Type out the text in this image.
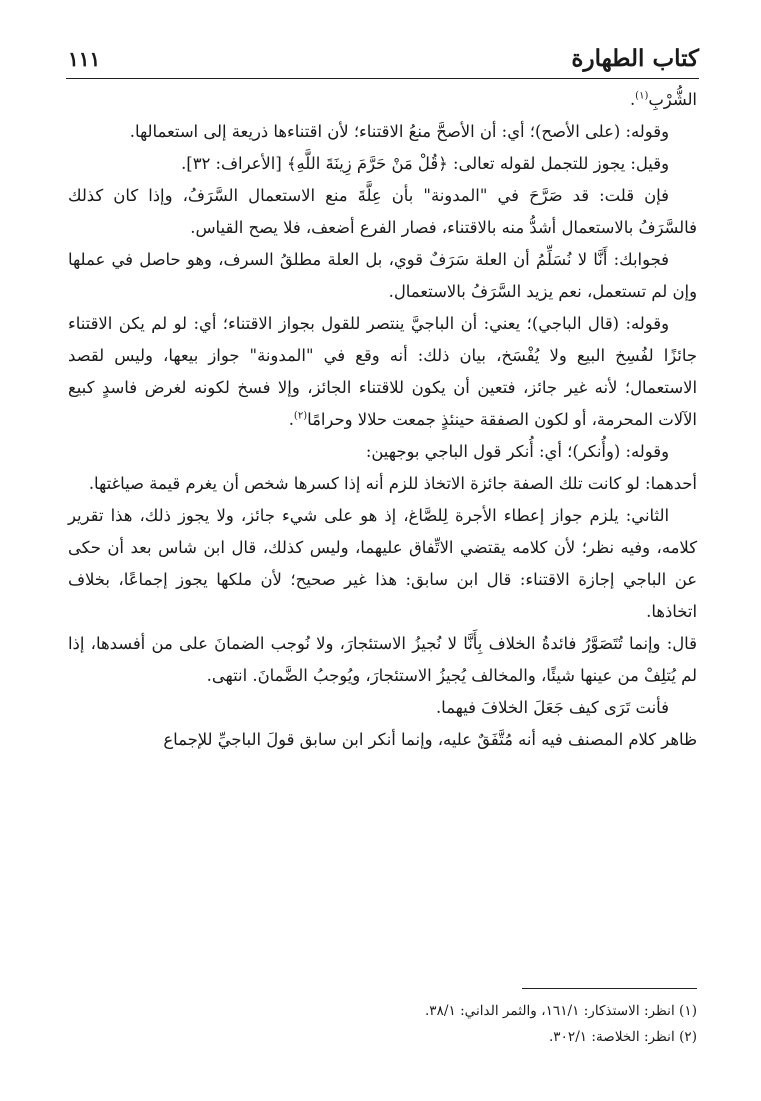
كتاب الطهارة
١١١

الشُّرْبِ$^{(١)}$.

وقوله: (على الأصح)؛ أي: أن الأصحَّ منعُ الاقتناء؛ لأن اقتناءها ذريعة إلى استعمالها.

وقيل: يجوز للتجمل لقوله تعالى: ﴿قُلْ مَنْ حَرَّمَ زِينَةَ اللَّهِ﴾ [الأعراف: ٣٢].

فإن قلت: قد صَرَّحَ في "المدونة" بأن عِلَّةَ منع الاستعمال السَّرَفُ، وإذا كان كذلك فالسَّرَفُ بالاستعمال أشدُّ منه بالاقتناء، فصار الفرع أضعف، فلا يصح القياس.

فجوابك: أَنَّا لا نُسَلِّمُ أن العلة سَرَفٌ قوي، بل العلة مطلقُ السرف، وهو حاصل في عملها وإن لم تستعمل، نعم يزيد السَّرَفُ بالاستعمال.

وقوله: (قال الباجي)؛ يعني: أن الباجيَّ ينتصر للقول بجواز الاقتناء؛ أي: لو لم يكن الاقتناء جائزًا لفُسِخ البيع ولا يُفْسَخ، بيان ذلك: أنه وقع في "المدونة" جواز بيعها، وليس لقصد الاستعمال؛ لأنه غير جائز، فتعين أن يكون للاقتناء الجائز، وإلا فسخ لكونه لغرض فاسدٍ كبيع الآلات المحرمة، أو لكون الصفقة حينئذٍ جمعت حلالا وحرامًا$^{(٢)}$.

وقوله: (وأُنكر)؛ أي: أُنكر قول الباجي بوجهين:

أحدهما: لو كانت تلك الصفة جائزة الاتخاذ للزم أنه إذا كسرها شخص أن يغرم قيمة صياغتها.

الثاني: يلزم جواز إعطاء الأجرة لِلصَّاغ، إذ هو على شيء جائز، ولا يجوز ذلك، هذا تقرير كلامه، وفيه نظر؛ لأن كلامه يقتضي الاتِّفاق عليهما، وليس كذلك، قال ابن شاس بعد أن حكى عن الباجي إجازة الاقتناء: قال ابن سابق: هذا غير صحيح؛ لأن ملكها يجوز إجماعًا، بخلاف اتخاذها.

قال: وإنما تُتَصَوَّرُ فائدةُ الخلاف بِأَنَّا لا نُجيزُ الاستئجارَ، ولا نُوجب الضمانَ على من أفسدها، إذا لم يُتلِفْ من عينها شيئًا، والمخالف يُجيزُ الاستئجارَ، ويُوجبُ الضَّمانَ. انتهى.

فأنت تَرَى كيف جَعَلَ الخلافَ فيهما.

ظاهر كلام المصنف فيه أنه مُتَّفَقٌ عليه، وإنما أنكر ابن سابق قولَ الباجيِّ للإجماع

(١) انظر: الاستذكار: ١٦١/١، والثمر الداني: ٣٨/١.

(٢) انظر: الخلاصة: ٣٠٢/١.
